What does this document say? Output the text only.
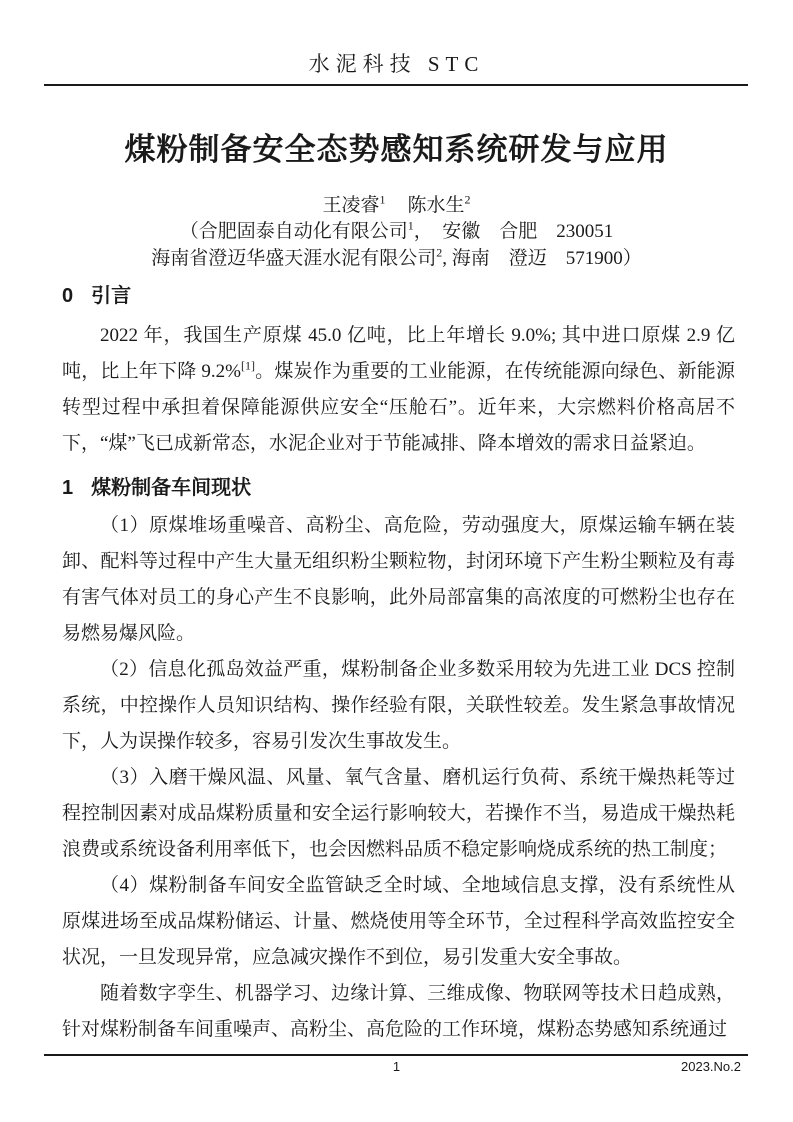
水泥科技 STC
煤粉制备安全态势感知系统研发与应用
王凌睿$^1$ 陈水生$^2$
（合肥固泰自动化有限公司$^1$，　安徽　合肥　230051
海南省澄迈华盛天涯水泥有限公司$^2$, 海南　澄迈　571900）
0 引言

2022 年，我国生产原煤 45.0 亿吨，比上年增长 9.0%; 其中进口原煤 2.9 亿吨，比上年下降 9.2%[1]。煤炭作为重要的工业能源，在传统能源向绿色、新能源转型过程中承担着保障能源供应安全“压舱石”。近年来，大宗燃料价格高居不下，“煤”飞已成新常态，水泥企业对于节能减排、降本增效的需求日益紧迫。

1 煤粉制备车间现状

（1）原煤堆场重噪音、高粉尘、高危险，劳动强度大，原煤运输车辆在装卸、配料等过程中产生大量无组织粉尘颗粒物，封闭环境下产生粉尘颗粒及有毒有害气体对员工的身心产生不良影响，此外局部富集的高浓度的可燃粉尘也存在易燃易爆风险。

（2）信息化孤岛效益严重，煤粉制备企业多数采用较为先进工业 DCS 控制系统，中控操作人员知识结构、操作经验有限，关联性较差。发生紧急事故情况下，人为误操作较多，容易引发次生事故发生。

（3）入磨干燥风温、风量、氧气含量、磨机运行负荷、系统干燥热耗等过程控制因素对成品煤粉质量和安全运行影响较大，若操作不当，易造成干燥热耗浪费或系统设备利用率低下，也会因燃料品质不稳定影响烧成系统的热工制度；

（4）煤粉制备车间安全监管缺乏全时域、全地域信息支撑，没有系统性从原煤进场至成品煤粉储运、计量、燃烧使用等全环节，全过程科学高效监控安全状况，一旦发现异常，应急减灾操作不到位，易引发重大安全事故。

随着数字孪生、机器学习、边缘计算、三维成像、物联网等技术日趋成熟，针对煤粉制备车间重噪声、高粉尘、高危险的工作环境，煤粉态势感知系统通过

1	2023.No.2
